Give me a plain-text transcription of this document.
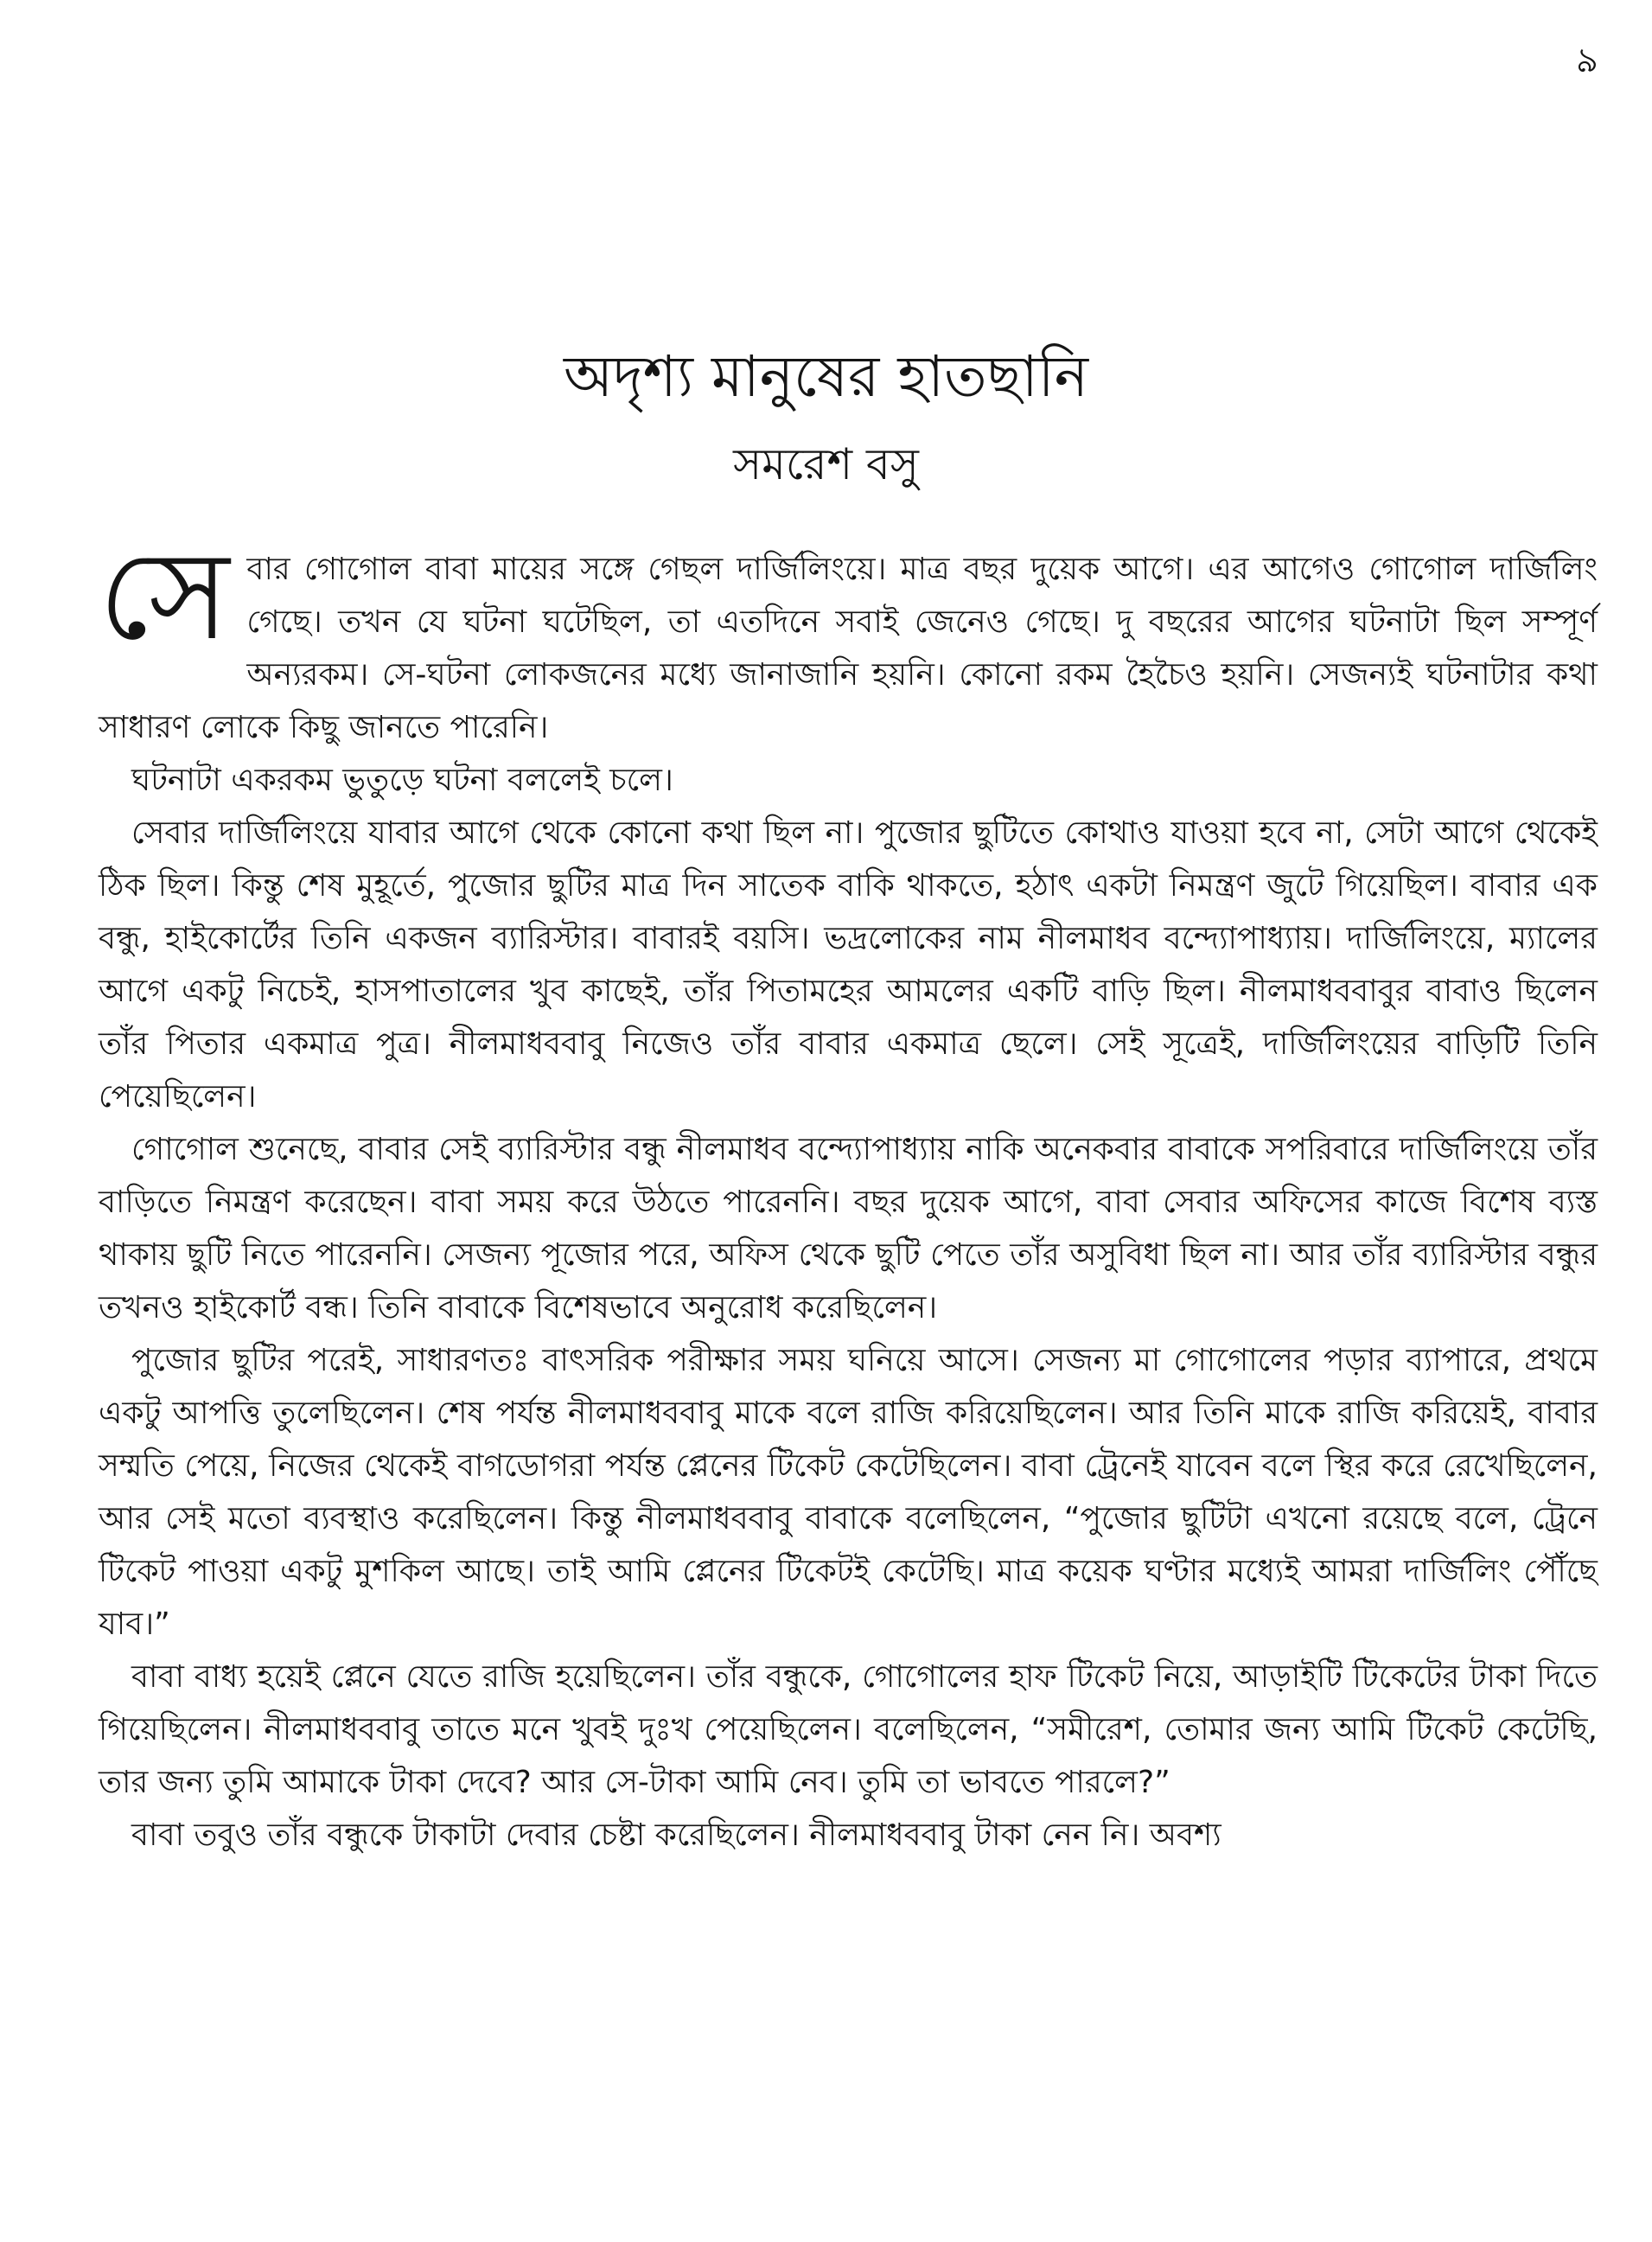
৯
অদৃশ্য মানুষের হাতছানি
সমরেশ বসু

সেবার গোগোল বাবা মায়ের সঙ্গে গেছল দার্জিলিংয়ে। মাত্র বছর দুয়েক আগে। এর আগেও গোগোল দার্জিলিং গেছে। তখন যে ঘটনা ঘটেছিল, তা এতদিনে সবাই জেনেও গেছে। দু বছরের আগের ঘটনাটা ছিল সম্পূর্ণ অন্যরকম। সে-ঘটনা লোকজনের মধ্যে জানাজানি হয়নি। কোনো রকম হৈচৈও হয়নি। সেজন্যই ঘটনাটার কথা সাধারণ লোকে কিছু জানতে পারেনি।

ঘটনাটা একরকম ভুতুড়ে ঘটনা বললেই চলে।

সেবার দার্জিলিংয়ে যাবার আগে থেকে কোনো কথা ছিল না। পুজোর ছুটিতে কোথাও যাওয়া হবে না, সেটা আগে থেকেই ঠিক ছিল। কিন্তু শেষ মুহূর্তে, পুজোর ছুটির মাত্র দিন সাতেক বাকি থাকতে, হঠাৎ একটা নিমন্ত্রণ জুটে গিয়েছিল। বাবার এক বন্ধু, হাইকোর্টের তিনি একজন ব্যারিস্টার। বাবারই বয়সি। ভদ্রলোকের নাম নীলমাধব বন্দ্যোপাধ্যায়। দার্জিলিংয়ে, ম্যালের আগে একটু নিচেই, হাসপাতালের খুব কাছেই, তাঁর পিতামহের আমলের একটি বাড়ি ছিল। নীলমাধববাবুর বাবাও ছিলেন তাঁর পিতার একমাত্র পুত্র। নীলমাধববাবু নিজেও তাঁর বাবার একমাত্র ছেলে। সেই সূত্রেই, দার্জিলিংয়ের বাড়িটি তিনি পেয়েছিলেন।

গোগোল শুনেছে, বাবার সেই ব্যারিস্টার বন্ধু নীলমাধব বন্দ্যোপাধ্যায় নাকি অনেকবার বাবাকে সপরিবারে দার্জিলিংয়ে তাঁর বাড়িতে নিমন্ত্রণ করেছেন। বাবা সময় করে উঠতে পারেননি। বছর দুয়েক আগে, বাবা সেবার অফিসের কাজে বিশেষ ব্যস্ত থাকায় ছুটি নিতে পারেননি। সেজন্য পূজোর পরে, অফিস থেকে ছুটি পেতে তাঁর অসুবিধা ছিল না। আর তাঁর ব্যারিস্টার বন্ধুর তখনও হাইকোর্ট বন্ধ। তিনি বাবাকে বিশেষভাবে অনুরোধ করেছিলেন।

পুজোর ছুটির পরেই, সাধারণতঃ বাৎসরিক পরীক্ষার সময় ঘনিয়ে আসে। সেজন্য মা গোগোলের পড়ার ব্যাপারে, প্রথমে একটু আপত্তি তুলেছিলেন। শেষ পর্যন্ত নীলমাধববাবু মাকে বলে রাজি করিয়েছিলেন। আর তিনি মাকে রাজি করিয়েই, বাবার সম্মতি পেয়ে, নিজের থেকেই বাগডোগরা পর্যন্ত প্লেনের টিকেট কেটেছিলেন। বাবা ট্রেনেই যাবেন বলে স্থির করে রেখেছিলেন, আর সেই মতো ব্যবস্থাও করেছিলেন। কিন্তু নীলমাধববাবু বাবাকে বলেছিলেন, “পুজোর ছুটিটা এখনো রয়েছে বলে, ট্রেনে টিকেট পাওয়া একটু মুশকিল আছে। তাই আমি প্লেনের টিকেটই কেটেছি। মাত্র কয়েক ঘণ্টার মধ্যেই আমরা দার্জিলিং পৌঁছে যাব।”

বাবা বাধ্য হয়েই প্লেনে যেতে রাজি হয়েছিলেন। তাঁর বন্ধুকে, গোগোলের হাফ টিকেট নিয়ে, আড়াইটি টিকেটের টাকা দিতে গিয়েছিলেন। নীলমাধববাবু তাতে মনে খুবই দুঃখ পেয়েছিলেন। বলেছিলেন, “সমীরেশ, তোমার জন্য আমি টিকেট কেটেছি, তার জন্য তুমি আমাকে টাকা দেবে? আর সে-টাকা আমি নেব। তুমি তা ভাবতে পারলে?”

বাবা তবুও তাঁর বন্ধুকে টাকাটা দেবার চেষ্টা করেছিলেন। নীলমাধববাবু টাকা নেন নি। অবশ্য
